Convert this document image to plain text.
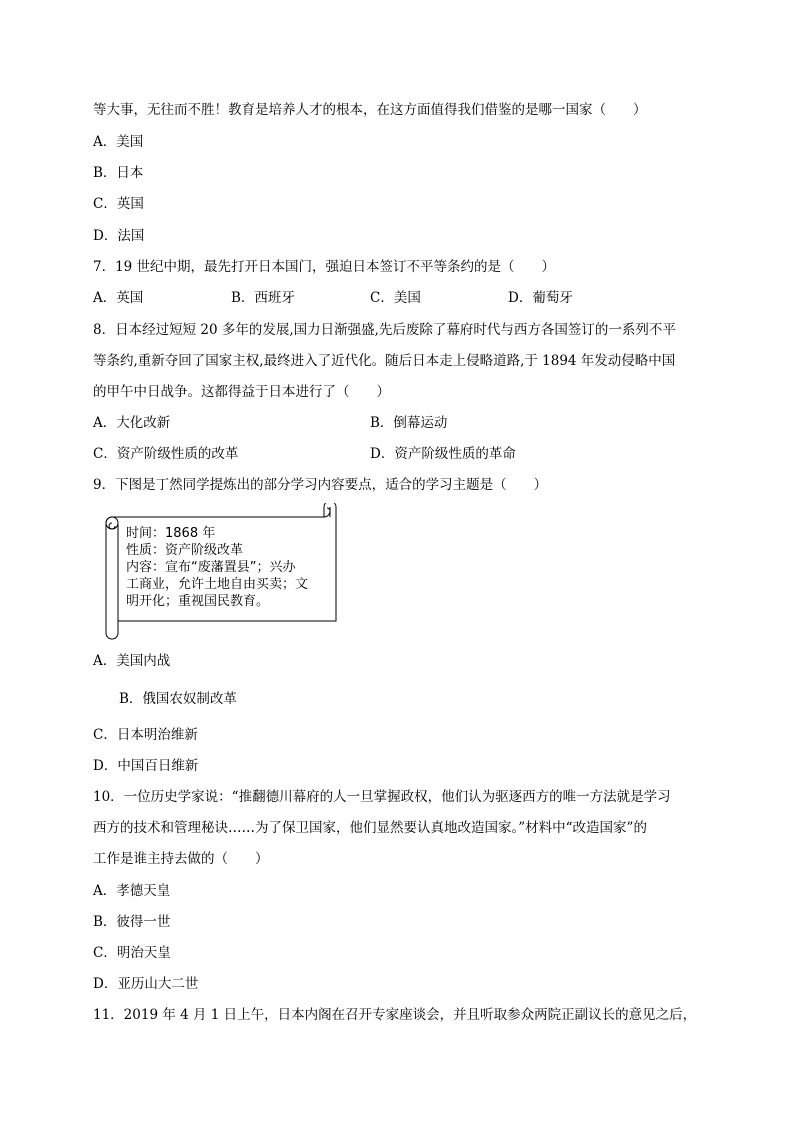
等大事，无往而不胜！教育是培养人才的根本，在这方面值得我们借鉴的是哪一国家（　　）
A．美国
B．日本
C．英国
D．法国
7．19 世纪中期，最先打开日本国门，强迫日本签订不平等条约的是（　　）
A．英国	B．西班牙	C．美国	D．葡萄牙
8．日本经过短短 20 多年的发展,国力日渐强盛,先后废除了幕府时代与西方各国签订的一系列不平
等条约,重新夺回了国家主权,最终进入了近代化。随后日本走上侵略道路,于 1894 年发动侵略中国
的甲午中日战争。这都得益于日本进行了（　　）
A．大化改新	B．倒幕运动
C．资产阶级性质的改革	D．资产阶级性质的革命
9．下图是丁然同学提炼出的部分学习内容要点，适合的学习主题是（　　）
时间：1868 年
性质：资产阶级改革
内容：宣布“废藩置县”；兴办
工商业，允许土地自由买卖；文
明开化；重视国民教育。
A．美国内战
B．俄国农奴制改革
C．日本明治维新
D．中国百日维新
10．一位历史学家说：“推翻德川幕府的人一旦掌握政权，他们认为驱逐西方的唯一方法就是学习
西方的技术和管理秘诀……为了保卫国家，他们显然要认真地改造国家。”材料中“改造国家”的
工作是谁主持去做的（　　）
A．孝德天皇
B．彼得一世
C．明治天皇
D．亚历山大二世
11．2019 年 4 月 1 日上午，日本内阁在召开专家座谈会，并且听取参众两院正副议长的意见之后，
